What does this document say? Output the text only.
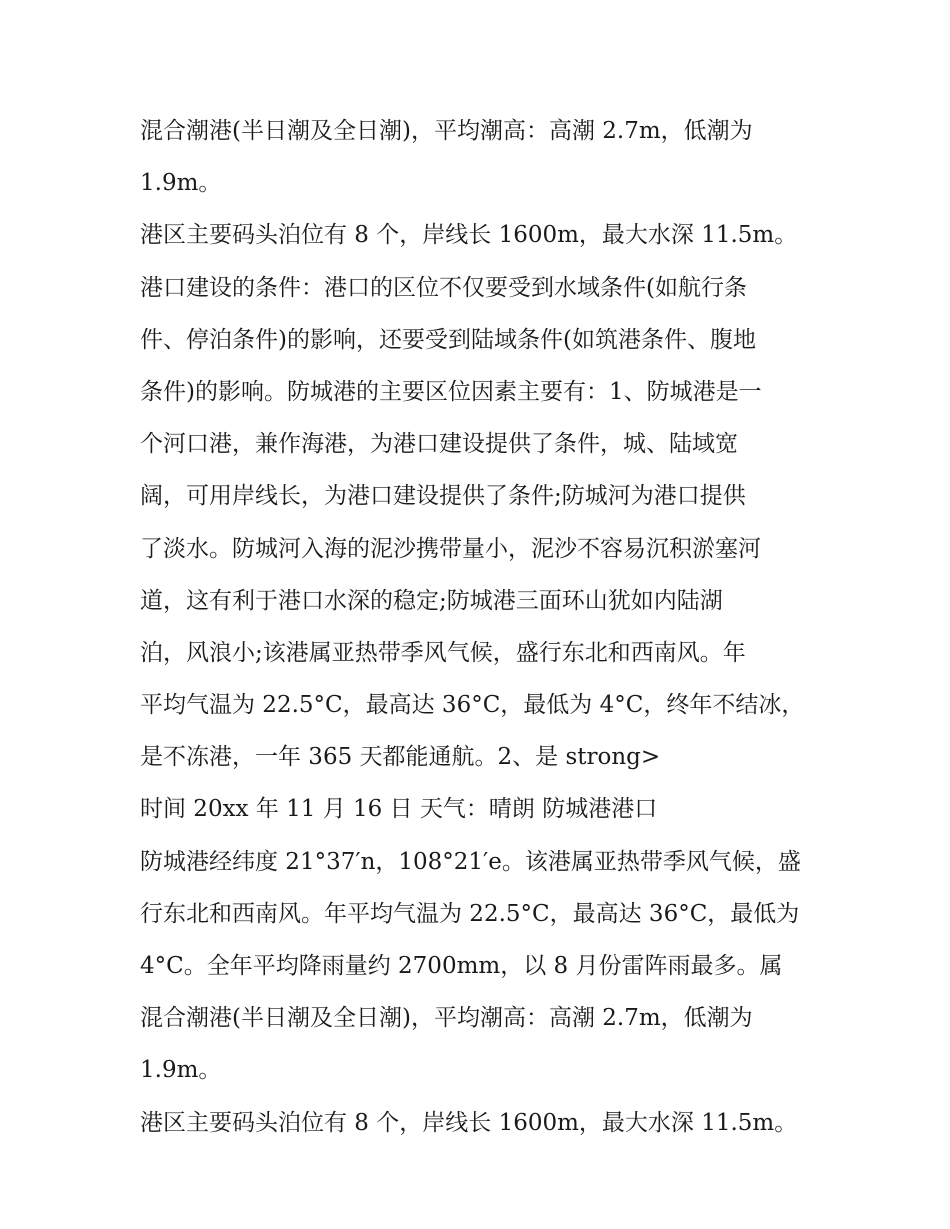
混合潮港(半日潮及全日潮)，平均潮高：高潮 2.7m，低潮为
1.9m。
港区主要码头泊位有 8 个，岸线长 1600m，最大水深 11.5m。
港口建设的条件：港口的区位不仅要受到水域条件(如航行条
件、停泊条件)的影响，还要受到陆域条件(如筑港条件、腹地
条件)的影响。防城港的主要区位因素主要有：1、防城港是一
个河口港，兼作海港，为港口建设提供了条件，城、陆域宽
阔，可用岸线长，为港口建设提供了条件;防城河为港口提供
了淡水。防城河入海的泥沙携带量小，泥沙不容易沉积淤塞河
道，这有利于港口水深的稳定;防城港三面环山犹如内陆湖
泊，风浪小;该港属亚热带季风气候，盛行东北和西南风。年
平均气温为 22.5°C，最高达 36°C，最低为 4°C，终年不结冰，
是不冻港，一年 365 天都能通航。2、是 strong>
时间 20xx 年 11 月 16 日 天气：晴朗 防城港港口
防城港经纬度 21°37′n，108°21′e。该港属亚热带季风气候，盛
行东北和西南风。年平均气温为 22.5°C，最高达 36°C，最低为
4°C。全年平均降雨量约 2700mm，以 8 月份雷阵雨最多。属
混合潮港(半日潮及全日潮)，平均潮高：高潮 2.7m，低潮为
1.9m。
港区主要码头泊位有 8 个，岸线长 1600m，最大水深 11.5m。
